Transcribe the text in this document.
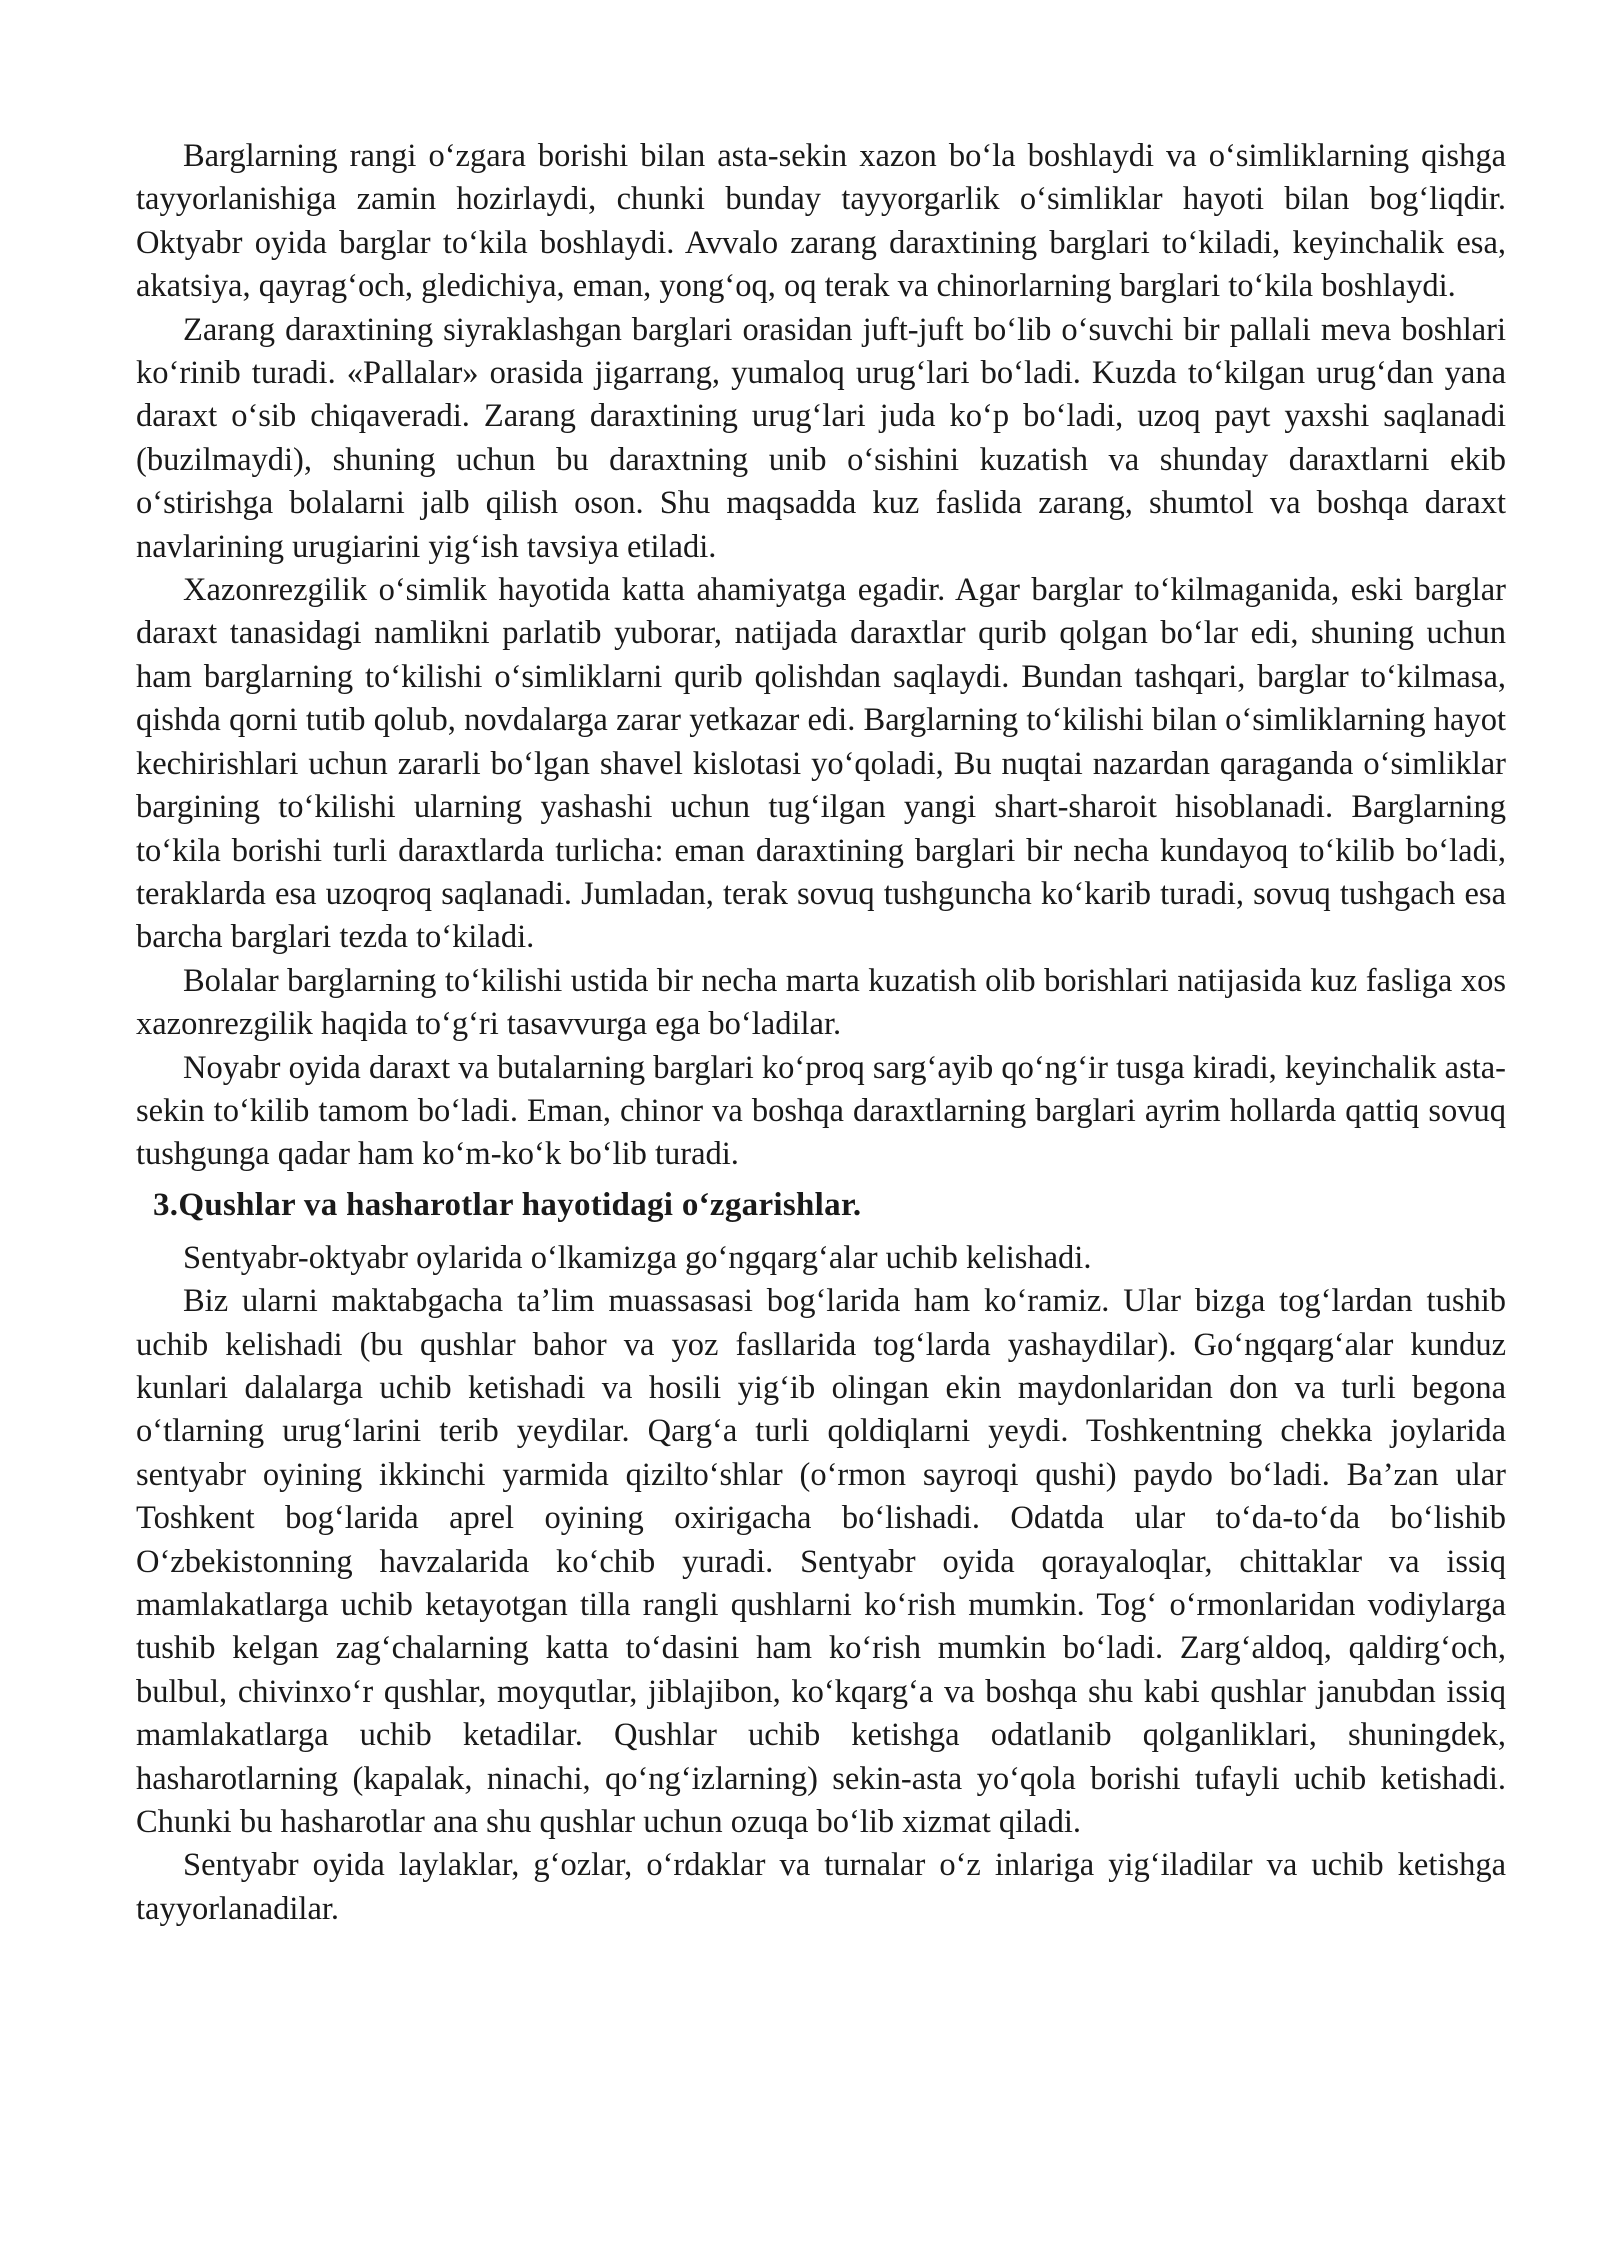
Barglarning rangi o‘zgara borishi bilan asta-sekin xazon bo‘la boshlaydi va o‘simliklarning qishga tayyorlanishiga zamin hozirlaydi, chunki bunday tayyorgarlik o‘simliklar hayoti bilan bog‘liqdir. Oktyabr oyida barglar to‘kila boshlaydi. Avvalo zarang daraxtining barglari to‘kiladi, keyinchalik esa, akatsiya, qayrag‘och, gledichiya, eman, yong‘oq, oq terak va chinorlarning barglari to‘kila boshlaydi.

Zarang daraxtining siyraklashgan barglari orasidan juft-juft bo‘lib o‘suvchi bir pallali meva boshlari ko‘rinib turadi. «Pallalar» orasida jigarrang, yumaloq urug‘lari bo‘ladi. Kuzda to‘kilgan urug‘dan yana daraxt o‘sib chiqaveradi. Zarang daraxtining urug‘lari juda ko‘p bo‘ladi, uzoq payt yaxshi saqlanadi (buzilmaydi), shuning uchun bu daraxtning unib o‘sishini kuzatish va shunday daraxtlarni ekib o‘stirishga bolalarni jalb qilish oson. Shu maqsadda kuz faslida zarang, shumtol va boshqa daraxt navlarining urugiarini yig‘ish tavsiya etiladi.

Xazonrezgilik o‘simlik hayotida katta ahamiyatga egadir. Agar barglar to‘kilmaganida, eski barglar daraxt tanasidagi namlikni parlatib yuborar, natijada daraxtlar qurib qolgan bo‘lar edi, shuning uchun ham barglarning to‘kilishi o‘simliklarni qurib qolishdan saqlaydi. Bundan tashqari, barglar to‘kilmasa, qishda qorni tutib qolub, novdalarga zarar yetkazar edi. Barglarning to‘kilishi bilan o‘simliklarning hayot kechirishlari uchun zararli bo‘lgan shavel kislotasi yo‘qoladi, Bu nuqtai nazardan qaraganda o‘simliklar bargining to‘kilishi ularning yashashi uchun tug‘ilgan yangi shart-sharoit hisoblanadi. Barglarning to‘kila borishi turli daraxtlarda turlicha: eman daraxtining barglari bir necha kundayoq to‘kilib bo‘ladi, teraklarda esa uzoqroq saqlanadi. Jumladan, terak sovuq tushguncha ko‘karib turadi, sovuq tushgach esa barcha barglari tezda to‘kiladi.

Bolalar barglarning to‘kilishi ustida bir necha marta kuzatish olib borishlari natijasida kuz fasliga xos xazonrezgilik haqida to‘g‘ri tasavvurga ega bo‘ladilar.

Noyabr oyida daraxt va butalarning barglari ko‘proq sarg‘ayib qo‘ng‘ir tusga kiradi, keyinchalik asta-sekin to‘kilib tamom bo‘ladi. Eman, chinor va boshqa daraxtlarning barglari ayrim hollarda qattiq sovuq tushgunga qadar ham ko‘m-ko‘k bo‘lib turadi.

3.Qushlar va hasharotlar hayotidagi o‘zgarishlar.

Sentyabr-oktyabr oylarida o‘lkamizga go‘ngqarg‘alar uchib kelishadi.

Biz ularni maktabgacha ta’lim muassasasi bog‘larida ham ko‘ramiz. Ular bizga tog‘lardan tushib uchib kelishadi (bu qushlar bahor va yoz fasllarida tog‘larda yashaydilar). Go‘ngqarg‘alar kunduz kunlari dalalarga uchib ketishadi va hosili yig‘ib olingan ekin maydonlaridan don va turli begona o‘tlarning urug‘larini terib yeydilar. Qarg‘a turli qoldiqlarni yeydi. Toshkentning chekka joylarida sentyabr oyining ikkinchi yarmida qizilto‘shlar (o‘rmon sayroqi qushi) paydo bo‘ladi. Ba’zan ular Toshkent bog‘larida aprel oyining oxirigacha bo‘lishadi. Odatda ular to‘da-to‘da bo‘lishib O‘zbekistonning havzalarida ko‘chib yuradi. Sentyabr oyida qorayaloqlar, chittaklar va issiq mamlakatlarga uchib ketayotgan tilla rangli qushlarni ko‘rish mumkin. Tog‘ o‘rmonlaridan vodiylarga tushib kelgan zag‘chalarning katta to‘dasini ham ko‘rish mumkin bo‘ladi. Zarg‘aldoq, qaldirg‘och, bulbul, chivinxo‘r qushlar, moyqutlar, jiblajibon, ko‘kqarg‘a va boshqa shu kabi qushlar janubdan issiq mamlakatlarga uchib ketadilar. Qushlar uchib ketishga odatlanib qolganliklari, shuningdek, hasharotlarning (kapalak, ninachi, qo‘ng‘izlarning) sekin-asta yo‘qola borishi tufayli uchib ketishadi. Chunki bu hasharotlar ana shu qushlar uchun ozuqa bo‘lib xizmat qiladi.

Sentyabr oyida laylaklar, g‘ozlar, o‘rdaklar va turnalar o‘z inlariga yig‘iladilar va uchib ketishga tayyorlanadilar.
